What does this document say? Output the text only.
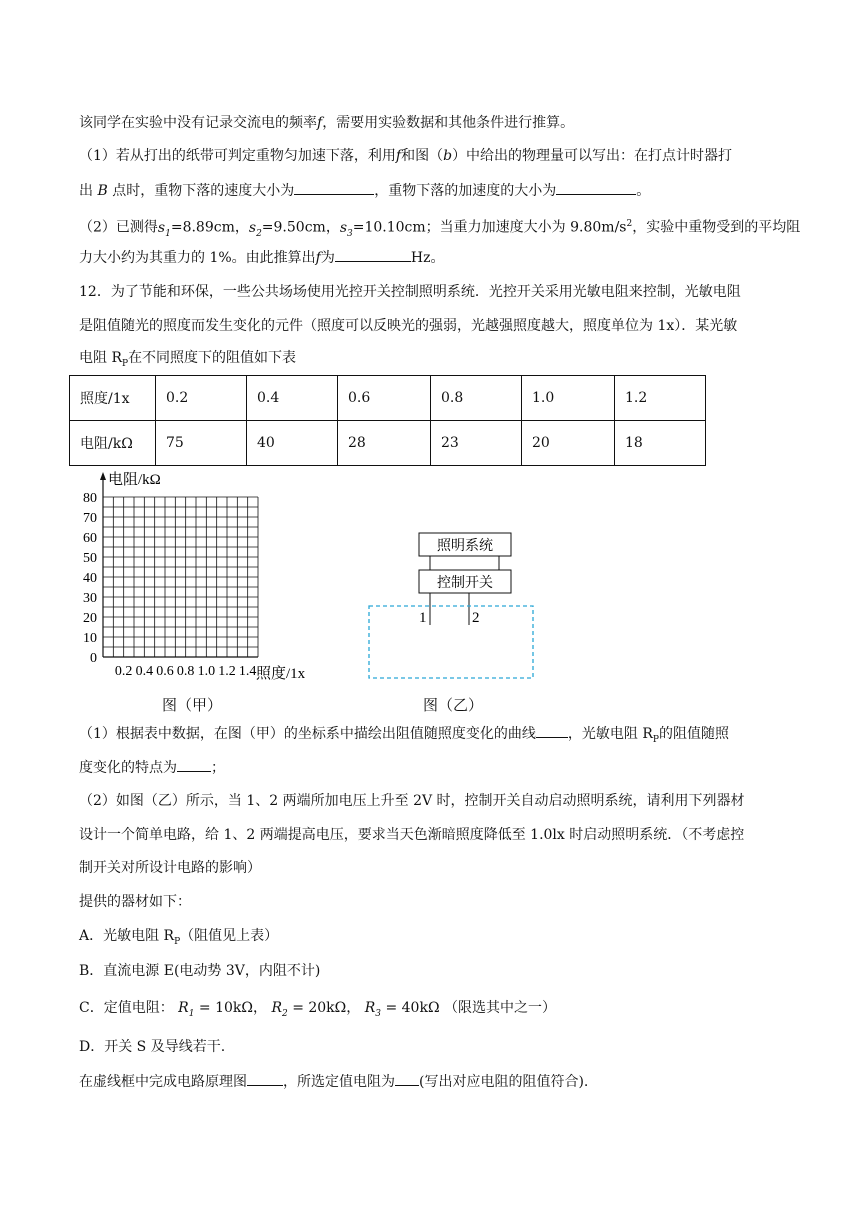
该同学在实验中没有记录交流电的频率f，需要用实验数据和其他条件进行推算。
（1）若从打出的纸带可判定重物匀加速下落，利用f和图（b）中给出的物理量可以写出：在打点计时器打
出 B 点时，重物下落的速度大小为	，重物下落的加速度的大小为	。
（2）已测得$s_1=8.89cm$，$s_2=9.50cm$，$s_3=10.10cm$；当重力加速度大小为 $9.80m/s^2$，实验中重物受到的平均阻
力大小约为其重力的 1%。由此推算出f为	Hz。
12．为了节能和环保，一些公共场场使用光控开关控制照明系统．光控开关采用光敏电阻来控制，光敏电阻
是阻值随光的照度而发生变化的元件（照度可以反映光的强弱，光越强照度越大，照度单位为 1x）．某光敏
电阻 $R_P$在不同照度下的阻值如下表
照度/1x	0.2	0.4	0.6	0.8	1.0	1.2
电阻/kΩ	75	40	28	23	20	18
电阻/kΩ
80
70
60
50
40
30
20
10
0
0.2 0.4 0.6 0.8 1.0 1.2 1.4 照度/1x
图（甲）
照明系统
控制开关
1	2
图（乙）
（1）根据表中数据，在图（甲）的坐标系中描绘出阻值随照度变化的曲线 ，光敏电阻 $R_P$的阻值随照
度变化的特点为 ；
（2）如图（乙）所示，当 1、2 两端所加电压上升至 2V 时，控制开关自动启动照明系统，请利用下列器材
设计一个简单电路，给 1、2 两端提高电压，要求当天色渐暗照度降低至 1.0lx 时启动照明系统．（不考虑控
制开关对所设计电路的影响）
提供的器材如下：
A．光敏电阻 $R_P$（阻值见上表）
B．直流电源 E(电动势 3V，内阻不计)
C．定值电阻： $R_1 = 10k\Omega$， $R_2 = 20k\Omega$， $R_3 = 40k\Omega$ （限选其中之一）
D．开关 S 及导线若干.
在虚线框中完成电路原理图	，所选定值电阻为 (写出对应电阻的阻值符合).
